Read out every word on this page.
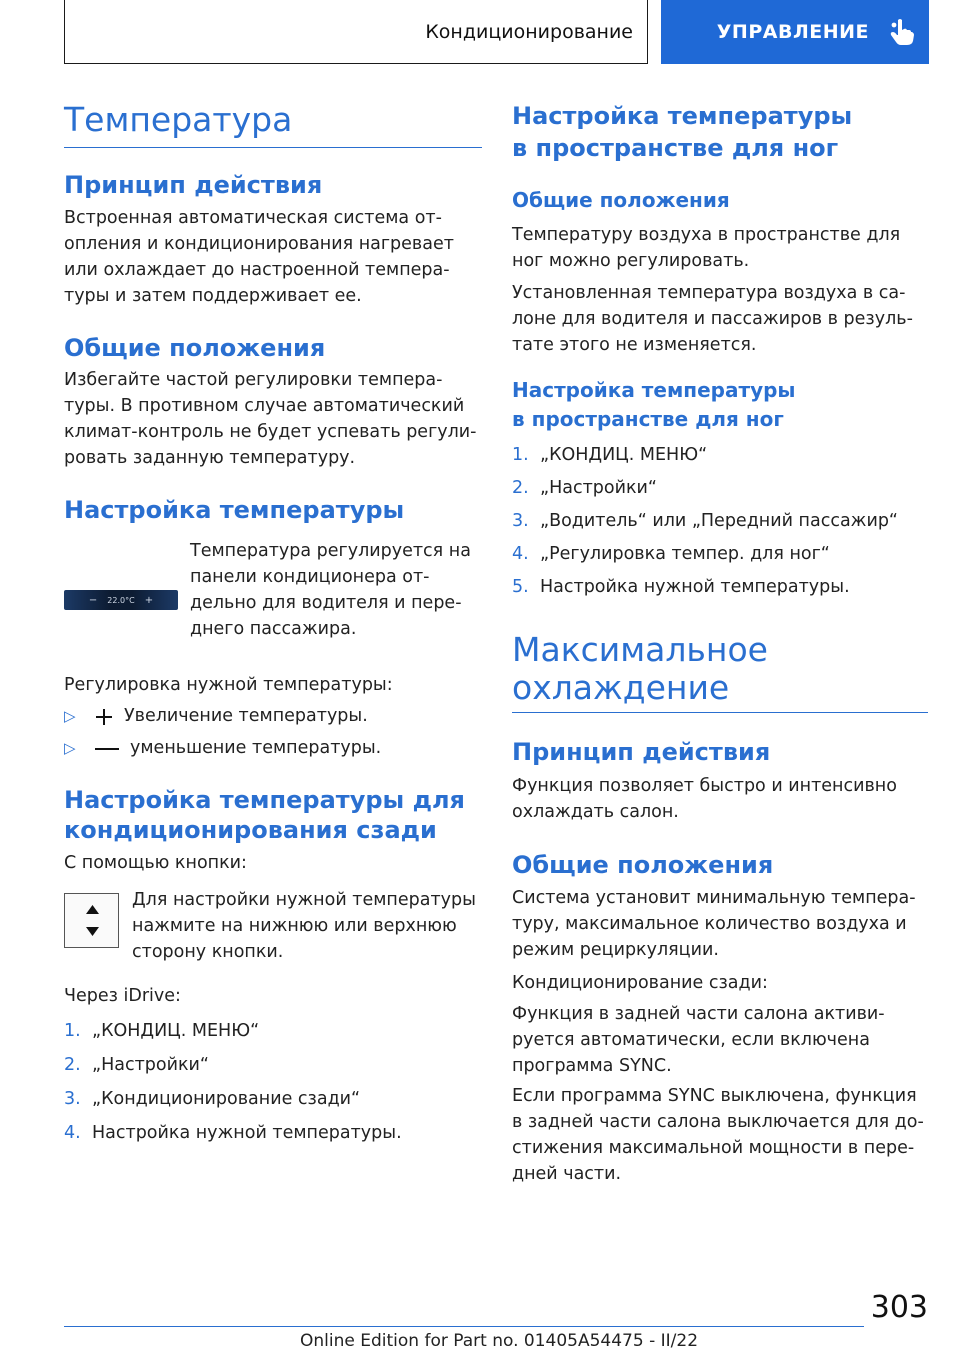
Кондиционирование	УПРАВЛЕНИЕ
Температура
Принцип действия

Встроенная автоматическая система от‐
опления и кондиционирования нагревает
или охлаждает до настроенной темпера‐
туры и затем поддерживает ее.

Общие положения

Избегайте частой регулировки темпера‐
туры. В противном случае автоматический
климат-контроль не будет успевать регули‐
ровать заданную температуру.

Настройка температуры
− 22.0°C +

Температура регулируется на
панели кондиционера от‐
дельно для водителя и пере‐
днего пассажира.

Регулировка нужной температуры:

▷	Увеличение температуры.
▷	уменьшение температуры.
Настройка температуры для
кондиционирования сзади

С помощью кнопки:

Для настройки нужной температуры
нажмите на нижнюю или верхнюю
сторону кнопки.

Через iDrive:

1. „КОНДИЦ. МЕНЮ“
2. „Настройки“
3. „Кондиционирование сзади“
4. Настройка нужной температуры.
Настройка температуры
в пространстве для ног
Общие положения

Температуру воздуха в пространстве для
ног можно регулировать.

Установленная температура воздуха в са‐
лоне для водителя и пассажиров в резуль‐
тате этого не изменяется.

Настройка температуры
в пространстве для ног
1. „КОНДИЦ. МЕНЮ“
2. „Настройки“
3. „Водитель“ или „Передний пассажир“
4. „Регулировка темпер. для ног“
5. Настройка нужной температуры.
Максимальное
охлаждение
Принцип действия

Функция позволяет быстро и интенсивно
охлаждать салон.

Общие положения

Система установит минимальную темпера‐
туру, максимальное количество воздуха и
режим рециркуляции.

Кондиционирование сзади:

Функция в задней части салона активи‐
руется автоматически, если включена
программа SYNC.

Если программа SYNC выключена, функция
в задней части салона выключается для до‐
стижения максимальной мощности в пере‐
дней части.

303
Online Edition for Part no. 01405A54475 - II/22
